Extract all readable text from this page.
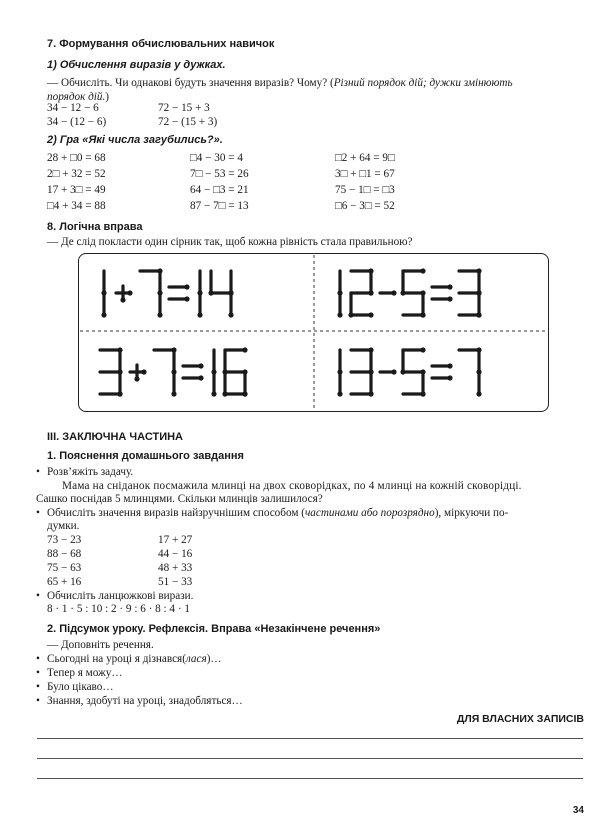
7. Формування обчислювальних навичок
1) Обчислення виразів у дужках.
— Обчисліть. Чи однакові будуть значення виразів? Чому? (Різний порядок дій; дужки змінюють
порядок дій.)
34 − 12 − 6	72 − 15 + 3
34 − (12 − 6)	72 − (15 + 3)
2) Гра «Які числа загубились?».
28 + □0 = 68	□4 − 30 = 4	□2 + 64 = 9□
2□ + 32 = 52	7□ − 53 = 26	3□ + □1 = 67
17 + 3□ = 49	64 − □3 = 21	75 − 1□ = □3
□4 + 34 = 88	87 − 7□ = 13	□6 − 3□ = 52
8. Логічна вправа
— Де слід покласти один сірник так, щоб кожна рівність стала правильною?
III. ЗАКЛЮЧНА ЧАСТИНА
1. Пояснення домашнього завдання
• Розв’яжіть задачу.
Мама на сніданок посмажила млинці на двох сковорідках, по 4 млинці на кожній сковорідці.
Сашко поснідав 5 млинцями. Скільки млинців залишилося?
• Обчисліть значення виразів найзручнішим способом (частинами або порозрядно), міркуючи по-
думки.
73 − 23	17 + 27
88 − 68	44 − 16
75 − 63	48 + 33
65 + 16	51 − 33
• Обчисліть ланцюжкові вирази.
8 · 1 · 5 : 10 : 2 · 9 : 6 · 8 : 4 · 1
2. Підсумок уроку. Рефлексія. Вправа «Незакінчене речення»
— Доповніть речення.
• Сьогодні на уроці я дізнався(лася)…
• Тепер я можу…
• Було цікаво…
• Знання, здобуті на уроці, знадобляться…
ДЛЯ ВЛАСНИХ ЗАПИСІВ
34
